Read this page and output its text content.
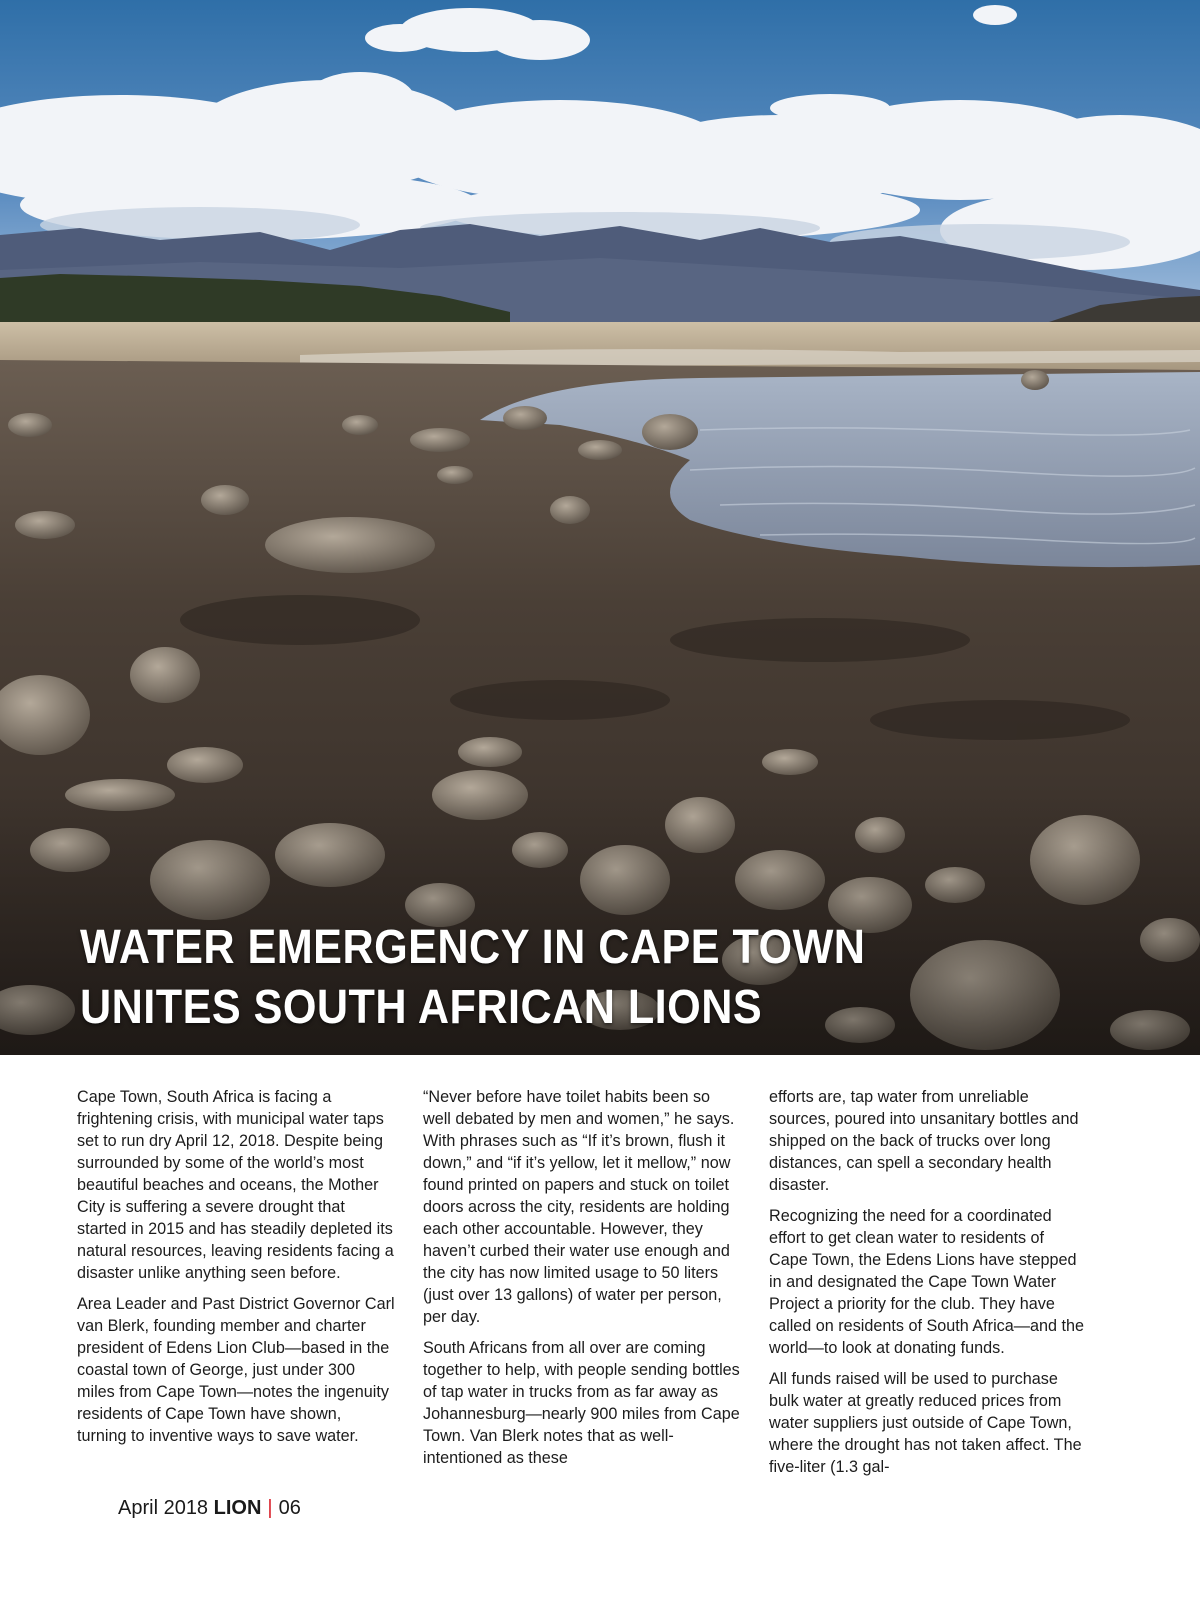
WATER EMERGENCY IN CAPE TOWN
UNITES SOUTH AFRICAN LIONS

Cape Town, South Africa is facing a frightening crisis, with municipal water taps set to run dry April 12, 2018. Despite being surrounded by some of the world’s most beautiful beaches and oceans, the Mother City is suffering a severe drought that started in 2015 and has steadily depleted its natural resources, leaving residents facing a disaster unlike anything seen before.

Area Leader and Past District Governor Carl van Blerk, founding member and charter president of Edens Lion Club—based in the coastal town of George, just under 300 miles from Cape Town—notes the ingenuity residents of Cape Town have shown, turning to inventive ways to save water.

“Never before have toilet habits been so well debated by men and women,” he says. With phrases such as “If it’s brown, flush it down,” and “if it’s yellow, let it mellow,” now found printed on papers and stuck on toilet doors across the city, residents are holding each other accountable. However, they haven’t curbed their water use enough and the city has now limited usage to 50 liters (just over 13 gallons) of water per person, per day.

South Africans from all over are coming together to help, with people sending bottles of tap water in trucks from as far away as Johannesburg—nearly 900 miles from Cape Town. Van Blerk notes that as well-intentioned as these

efforts are, tap water from unreliable sources, poured into unsanitary bottles and shipped on the back of trucks over long distances, can spell a secondary health disaster.

Recognizing the need for a coordinated effort to get clean water to residents of Cape Town, the Edens Lions have stepped in and designated the Cape Town Water Project a priority for the club. They have called on residents of South Africa—and the world—to look at donating funds.

All funds raised will be used to purchase bulk water at greatly reduced prices from water suppliers just outside of Cape Town, where the drought has not taken affect. The five-liter (1.3 gal-

April 2018 LION | 06
